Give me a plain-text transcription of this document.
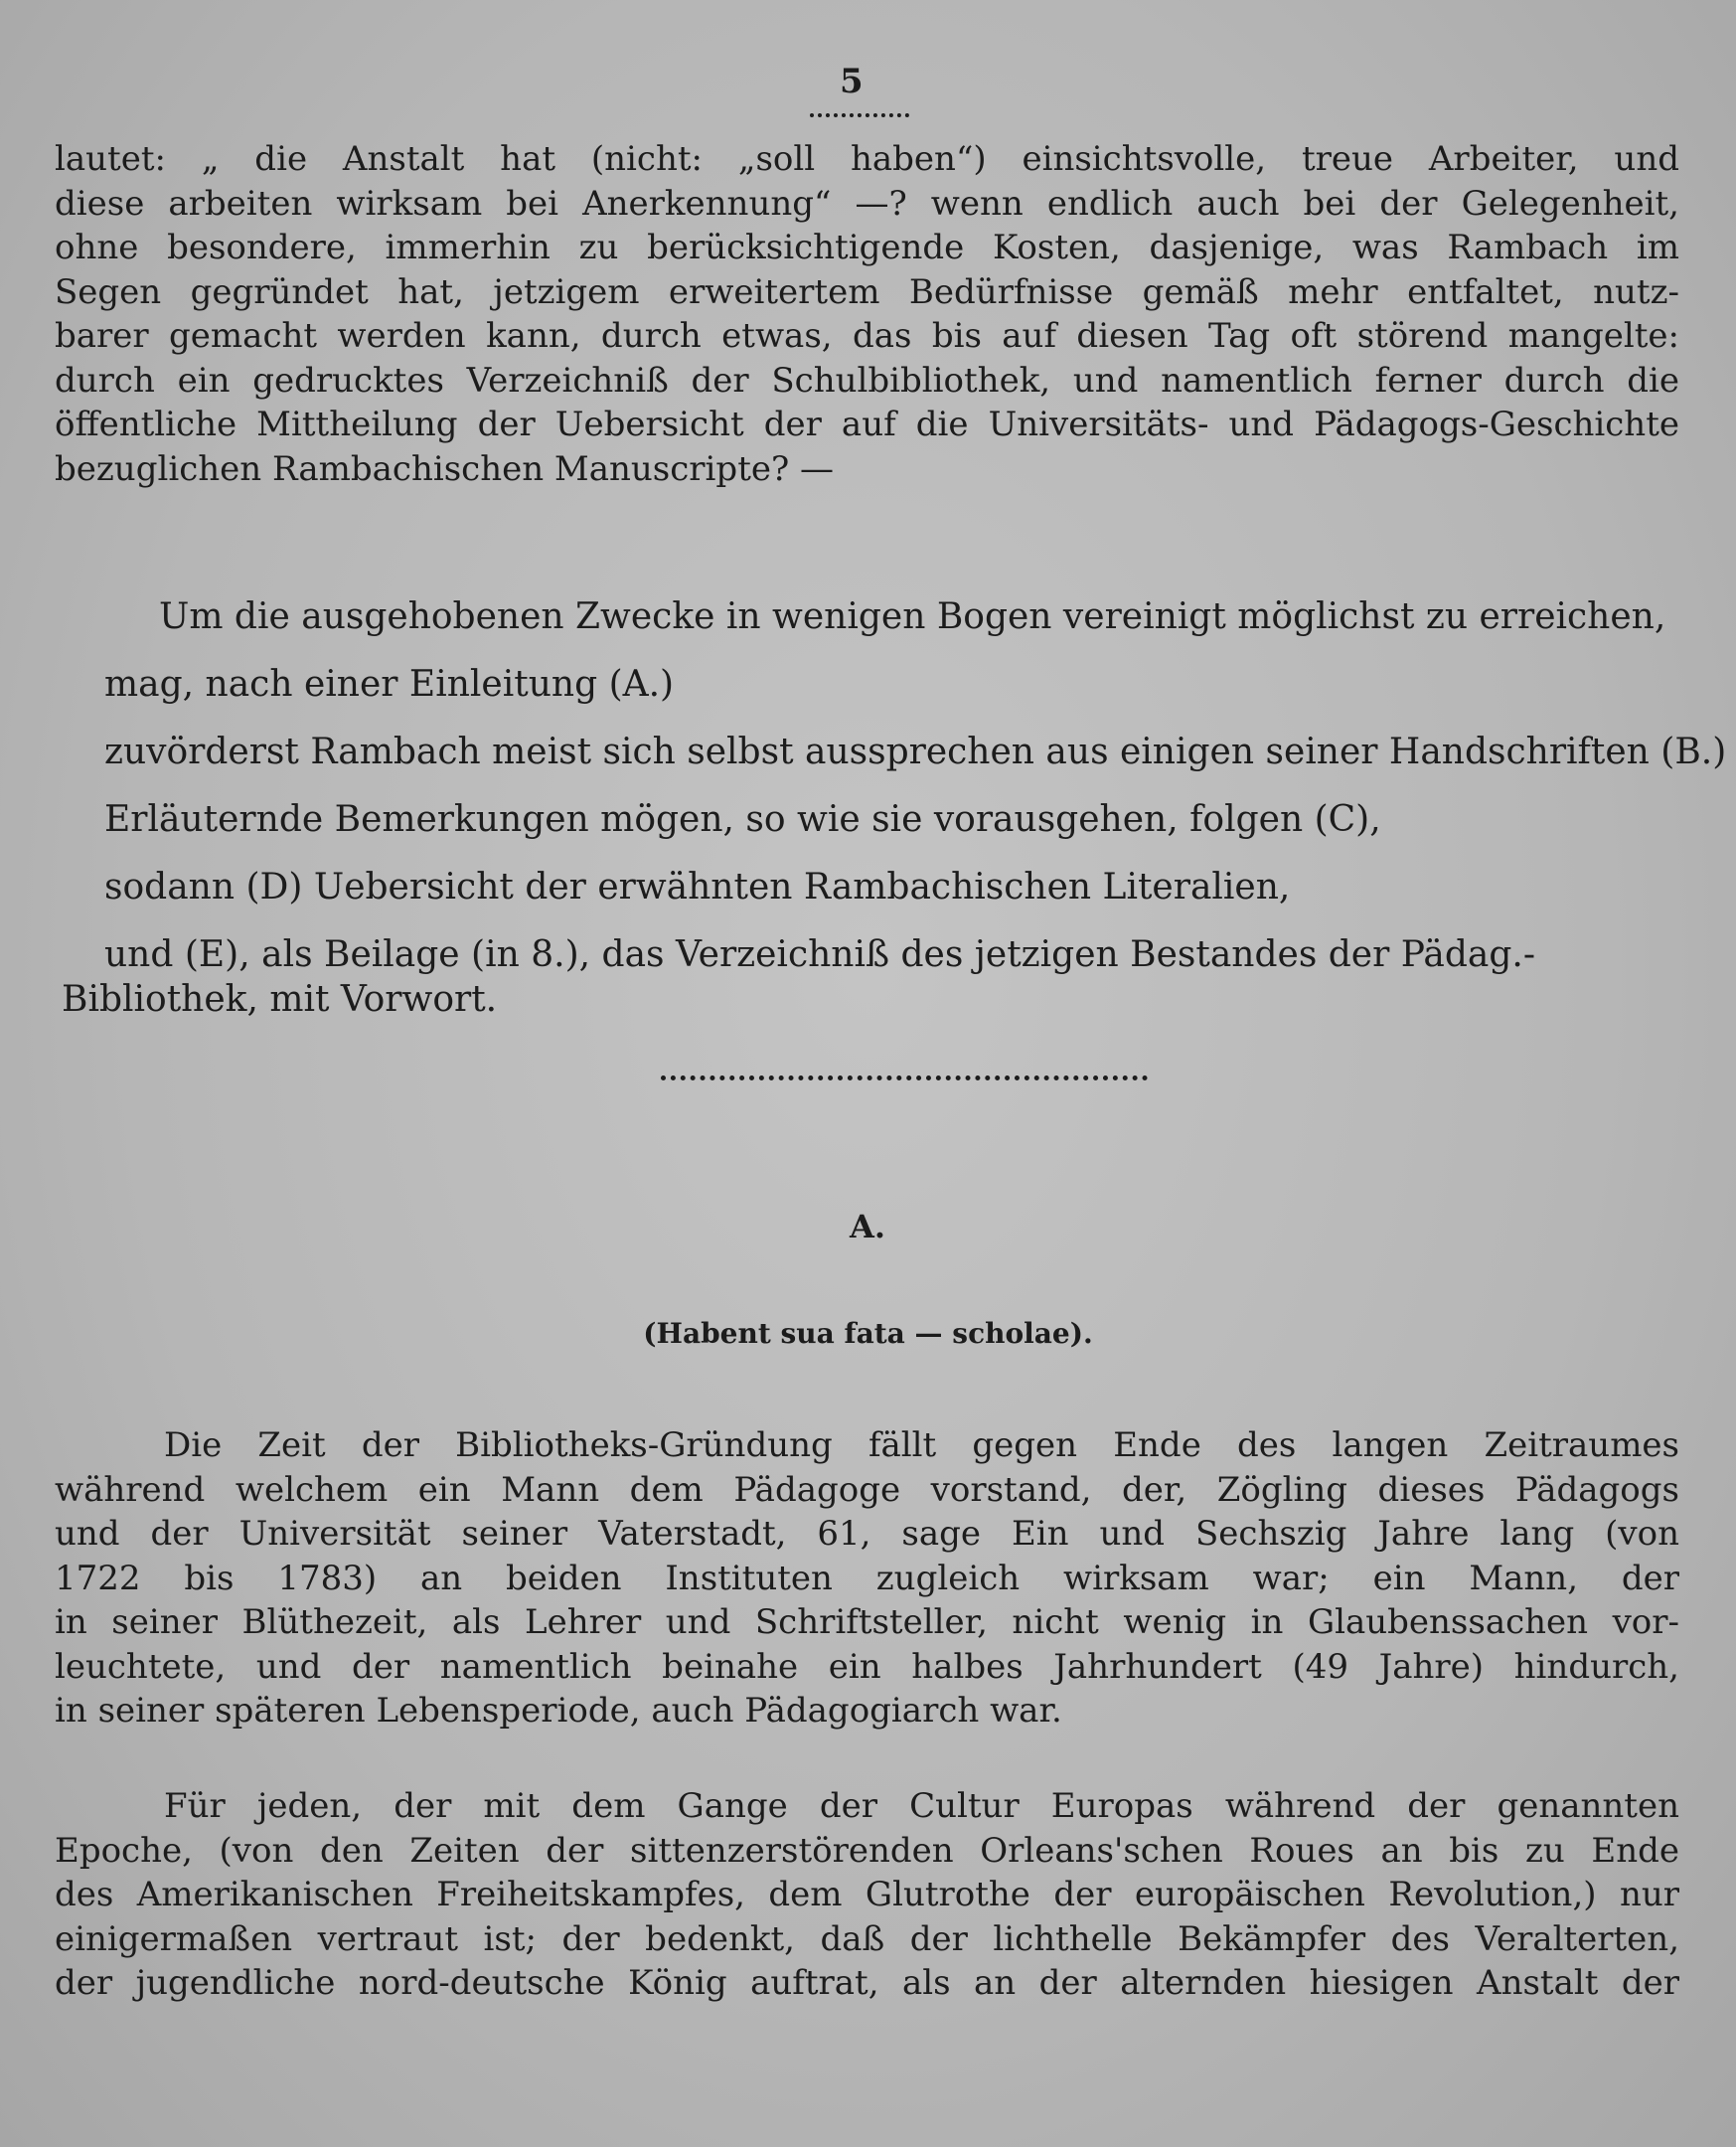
5
lautet: „ die Anstalt hat (nicht: „soll haben“) einsichtsvolle, treue Arbeiter, und
diese arbeiten wirksam bei Anerkennung“ —? wenn endlich auch bei der Gelegenheit,
ohne besondere, immerhin zu berücksichtigende Kosten, dasjenige, was Rambach im
Segen gegründet hat, jetzigem erweitertem Bedürfnisse gemäß mehr entfaltet, nutz-
barer gemacht werden kann, durch etwas, das bis auf diesen Tag oft störend mangelte:
durch ein gedrucktes Verzeichniß der Schulbibliothek, und namentlich ferner durch die
öffentliche Mittheilung der Uebersicht der auf die Universitäts- und Pädagogs-Geschichte
bezuglichen Rambachischen Manuscripte? —

Um die ausgehobenen Zwecke in wenigen Bogen vereinigt möglichst zu erreichen,

mag, nach einer Einleitung (A.)

zuvörderst Rambach meist sich selbst aussprechen aus einigen seiner Handschriften (B.)

Erläuternde Bemerkungen mögen, so wie sie vorausgehen, folgen (C),

sodann (D) Uebersicht der erwähnten Rambachischen Literalien,

und (E), als Beilage (in 8.), das Verzeichniß des jetzigen Bestandes der Pädag.-

Bibliothek, mit Vorwort.

A.

(Habent sua fata — scholae).

Die Zeit der Bibliotheks-Gründung fällt gegen Ende des langen Zeitraumes
während welchem ein Mann dem Pädagoge vorstand, der, Zögling dieses Pädagogs
und der Universität seiner Vaterstadt, 61, sage Ein und Sechszig Jahre lang (von
1722 bis 1783) an beiden Instituten zugleich wirksam war; ein Mann, der
in seiner Blüthezeit, als Lehrer und Schriftsteller, nicht wenig in Glaubenssachen vor-
leuchtete, und der namentlich beinahe ein halbes Jahrhundert (49 Jahre) hindurch,
in seiner späteren Lebensperiode, auch Pädagogiarch war.
Für jeden, der mit dem Gange der Cultur Europas während der genannten
Epoche, (von den Zeiten der sittenzerstörenden Orleans'schen Roues an bis zu Ende
des Amerikanischen Freiheitskampfes, dem Glutrothe der europäischen Revolution,) nur
einigermaßen vertraut ist; der bedenkt, daß der lichthelle Bekämpfer des Veralterten,
der jugendliche nord-deutsche König auftrat, als an der alternden hiesigen Anstalt der
